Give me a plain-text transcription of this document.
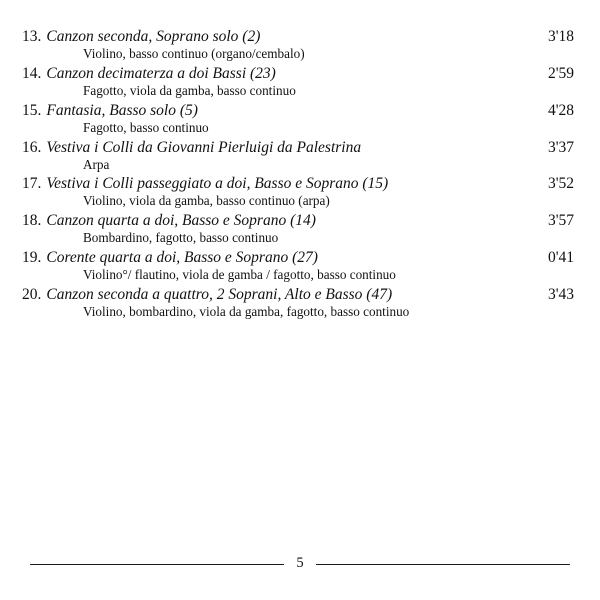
13. Canzon seconda, Soprano solo (2)
Violino, basso continuo (organo/cembalo)
3'18
14. Canzon decimaterza a doi Bassi (23)
Fagotto, viola da gamba, basso continuo
2'59
15. Fantasia, Basso solo (5)
Fagotto, basso continuo
4'28
16. Vestiva i Colli da Giovanni Pierluigi da Palestrina
Arpa
3'37
17. Vestiva i Colli passeggiato a doi, Basso e Soprano (15)
Violino, viola da gamba, basso continuo (arpa)
3'52
18. Canzon quarta a doi, Basso e Soprano (14)
Bombardino, fagotto, basso continuo
3'57
19. Corente quarta a doi, Basso e Soprano (27)
Violino°/ flautino, viola de gamba / fagotto, basso continuo
0'41
20. Canzon seconda a quattro, 2 Soprani, Alto e Basso (47)
Violino, bombardino, viola da gamba, fagotto, basso continuo
3'43
5
